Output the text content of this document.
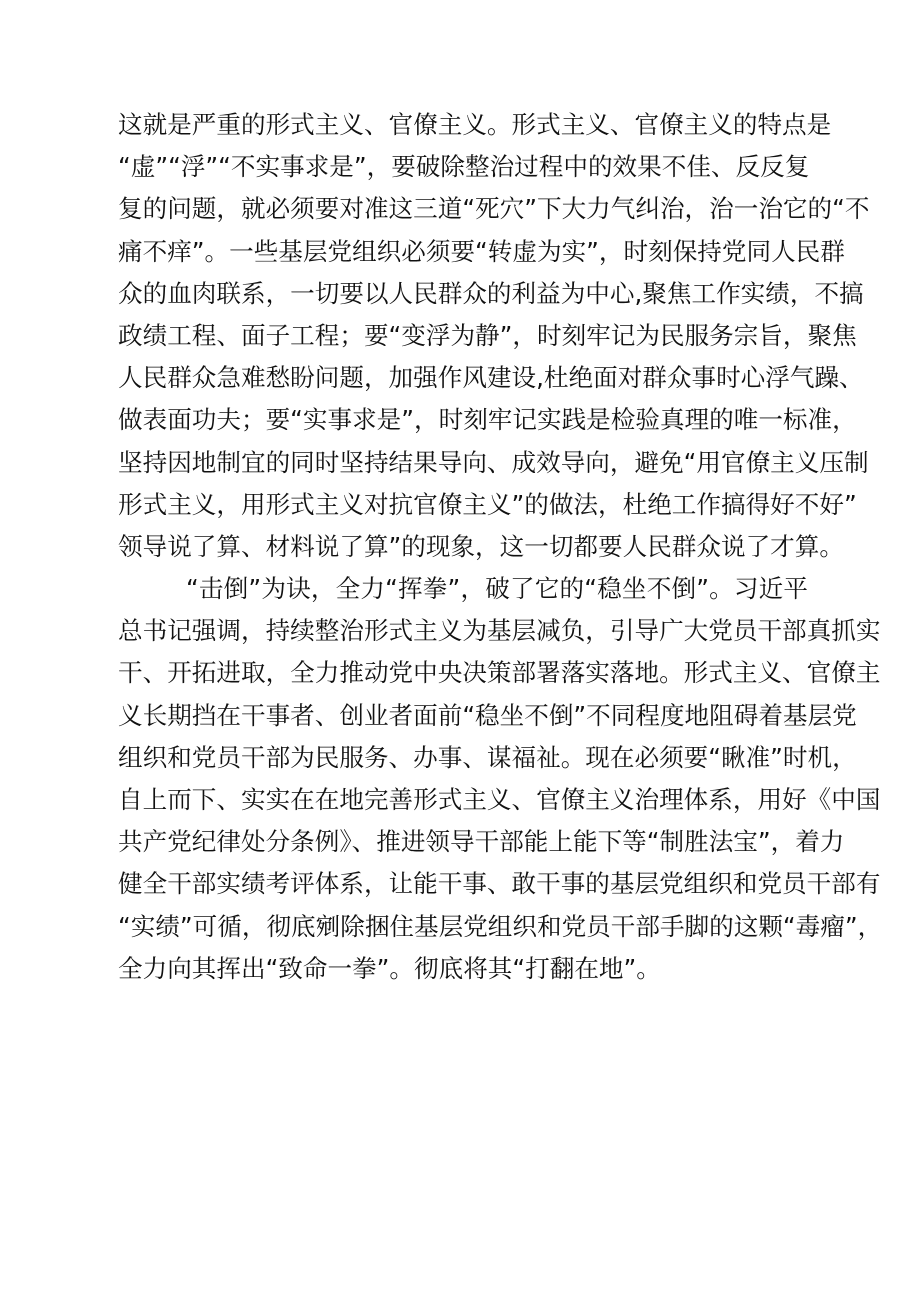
这就是严重的形式主义、官僚主义。形式主义、官僚主义的特点是
“虚”“浮”“不实事求是”，要破除整治过程中的效果不佳、反反复
复的问题，就必须要对准这三道“死穴”下大力气纠治，治一治它的“不
痛不痒”。一些基层党组织必须要“转虚为实”，时刻保持党同人民群
众的血肉联系，一切要以人民群众的利益为中心,聚焦工作实绩，不搞
政绩工程、面子工程；要“变浮为静”，时刻牢记为民服务宗旨，聚焦
人民群众急难愁盼问题，加强作风建设,杜绝面对群众事时心浮气躁、
做表面功夫；要“实事求是”，时刻牢记实践是检验真理的唯一标准，
坚持因地制宜的同时坚持结果导向、成效导向，避免“用官僚主义压制
形式主义，用形式主义对抗官僚主义”的做法，杜绝工作搞得好不好”
领导说了算、材料说了算”的现象，这一切都要人民群众说了才算。
“击倒”为诀，全力“挥拳”，破了它的“稳坐不倒”。习近平
总书记强调，持续整治形式主义为基层减负，引导广大党员干部真抓实
干、开拓进取，全力推动党中央决策部署落实落地。形式主义、官僚主
义长期挡在干事者、创业者面前“稳坐不倒”不同程度地阻碍着基层党
组织和党员干部为民服务、办事、谋福祉。现在必须要“瞅准”时机，
自上而下、实实在在地完善形式主义、官僚主义治理体系，用好《中国
共产党纪律处分条例》、推进领导干部能上能下等“制胜法宝”，着力
健全干部实绩考评体系，让能干事、敢干事的基层党组织和党员干部有
“实绩”可循，彻底剜除捆住基层党组织和党员干部手脚的这颗“毒瘤”，
全力向其挥出“致命一拳”。彻底将其“打翻在地”。
